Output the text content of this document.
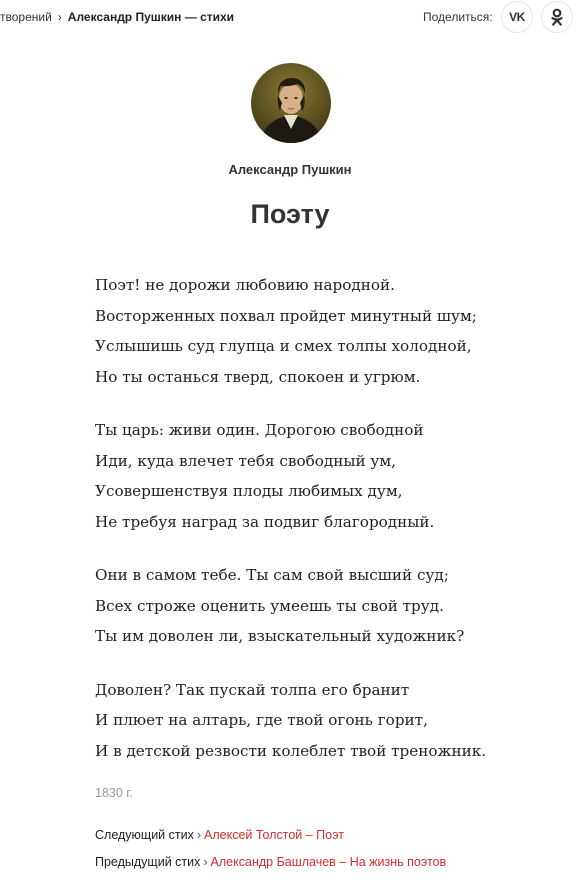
творений › Александр Пушкин — стихи	Поделиться: VK
Александр Пушкин
Поэту
Поэт! не дорожи любовию народной.
Восторженных похвал пройдет минутный шум;
Услышишь суд глупца и смех толпы холодной,
Но ты останься тверд, спокоен и угрюм.
Ты царь: живи один. Дорогою свободной
Иди, куда влечет тебя свободный ум,
Усовершенствуя плоды любимых дум,
Не требуя наград за подвиг благородный.
Они в самом тебе. Ты сам свой высший суд;
Всех строже оценить умеешь ты свой труд.
Ты им доволен ли, взыскательный художник?
Доволен? Так пускай толпа его бранит
И плюет на алтарь, где твой огонь горит,
И в детской резвости колеблет твой треножник.
1830 г.
Следующий стих › Алексей Толстой – Поэт
Предыдущий стих › Александр Башлачев – На жизнь поэтов
